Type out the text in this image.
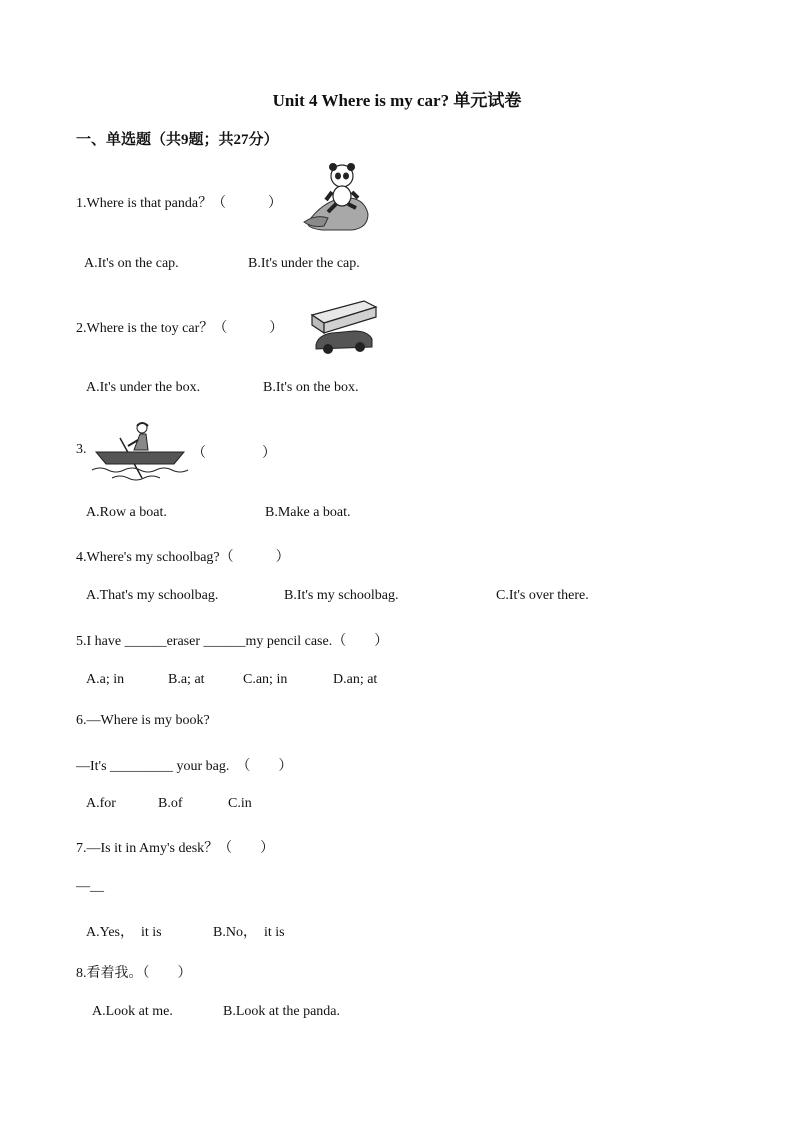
Unit 4 Where is my car? 单元试卷
一、单选题（共9题；共27分）
1.Where is that panda？（　　　）
A.It's on the cap.	B.It's under the cap.
2.Where is the toy car？（　　　）
A.It's under the box.	B.It's on the box.
3.	（　　　　）
A.Row a boat.	B.Make a boat.
4.Where's my schoolbag?（　　　）
A.That's my schoolbag.	B.It's my schoolbag.	C.It's over there.
5.I have ______eraser ______my pencil case.（　　）
A.a; in	B.a; at	C.an; in	D.an; at
6.—Where is my book?
—It's _________ your bag.  （　　）
A.for	B.of	C.in
7.—Is it in Amy's desk？（　　）
—__
A.Yes，  it is	B.No，  it is
8.看着我。（　　）
A.Look at me.	B.Look at the panda.
